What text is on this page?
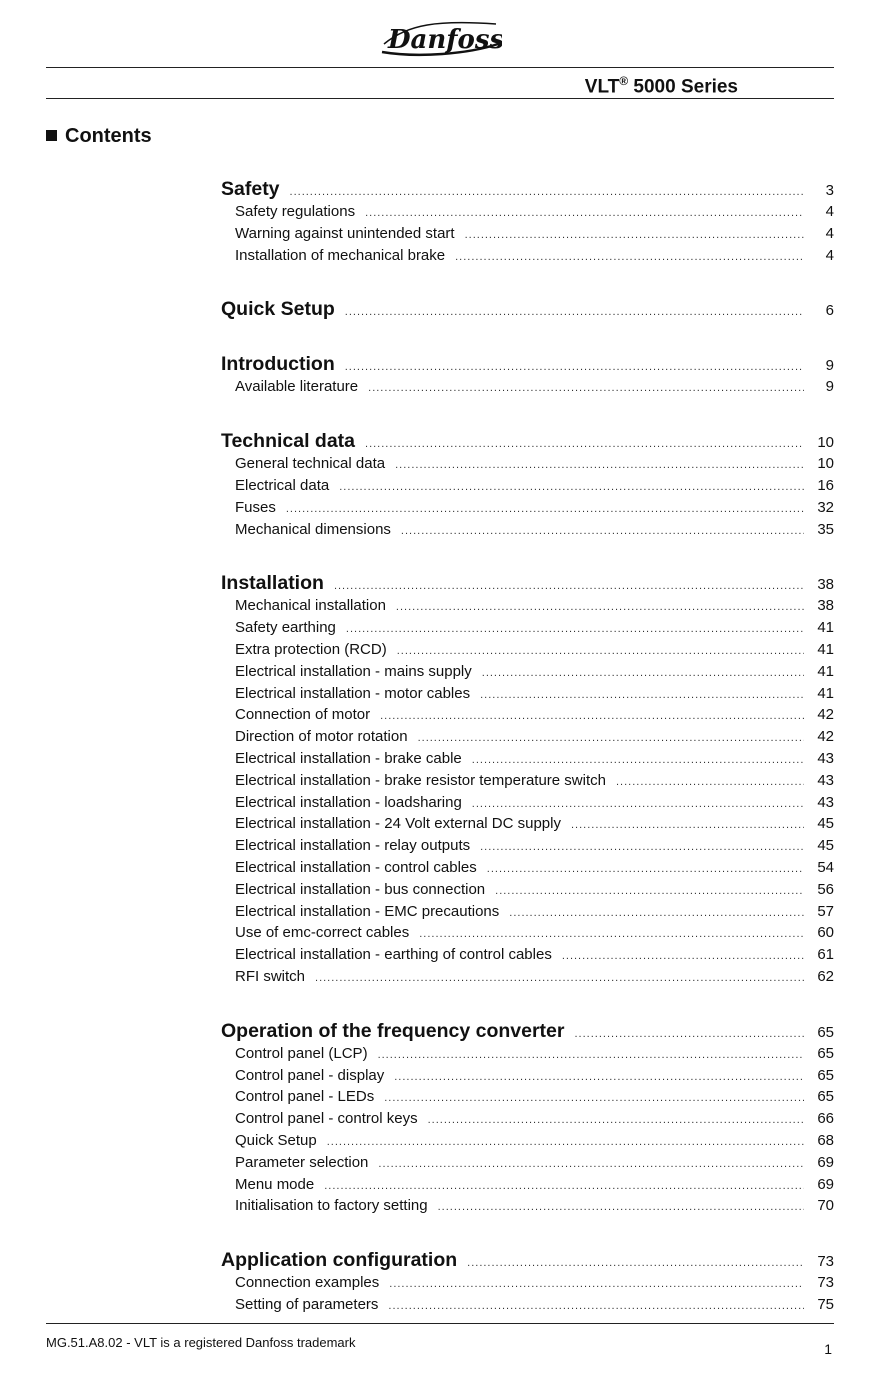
Danfoss
VLT® 5000 Series
Contents
Safety .....	3
Safety regulations .....	4
Warning against unintended start .....	4
Installation of mechanical brake .....	4
Quick Setup .....	6
Introduction .....	9
Available literature .....	9
Technical data .....	10
General technical data .....	10
Electrical data .....	16
Fuses .....	32
Mechanical dimensions .....	35
Installation .....	38
Mechanical installation .....	38
Safety earthing .....	41
Extra protection (RCD) .....	41
Electrical installation - mains supply .....	41
Electrical installation - motor cables .....	41
Connection of motor .....	42
Direction of motor rotation .....	42
Electrical installation - brake cable .....	43
Electrical installation - brake resistor temperature switch .....	43
Electrical installation - loadsharing .....	43
Electrical installation - 24 Volt external DC supply .....	45
Electrical installation - relay outputs .....	45
Electrical installation - control cables .....	54
Electrical installation - bus connection .....	56
Electrical installation - EMC precautions .....	57
Use of emc-correct cables .....	60
Electrical installation - earthing of control cables .....	61
RFI switch .....	62
Operation of the frequency converter .....	65
Control panel (LCP) .....	65
Control panel - display .....	65
Control panel - LEDs .....	65
Control panel - control keys .....	66
Quick Setup .....	68
Parameter selection .....	69
Menu mode .....	69
Initialisation to factory setting .....	70
Application configuration .....	73
Connection examples .....	73
Setting of parameters .....	75
MG.51.A8.02 - VLT is a registered Danfoss trademark	1
